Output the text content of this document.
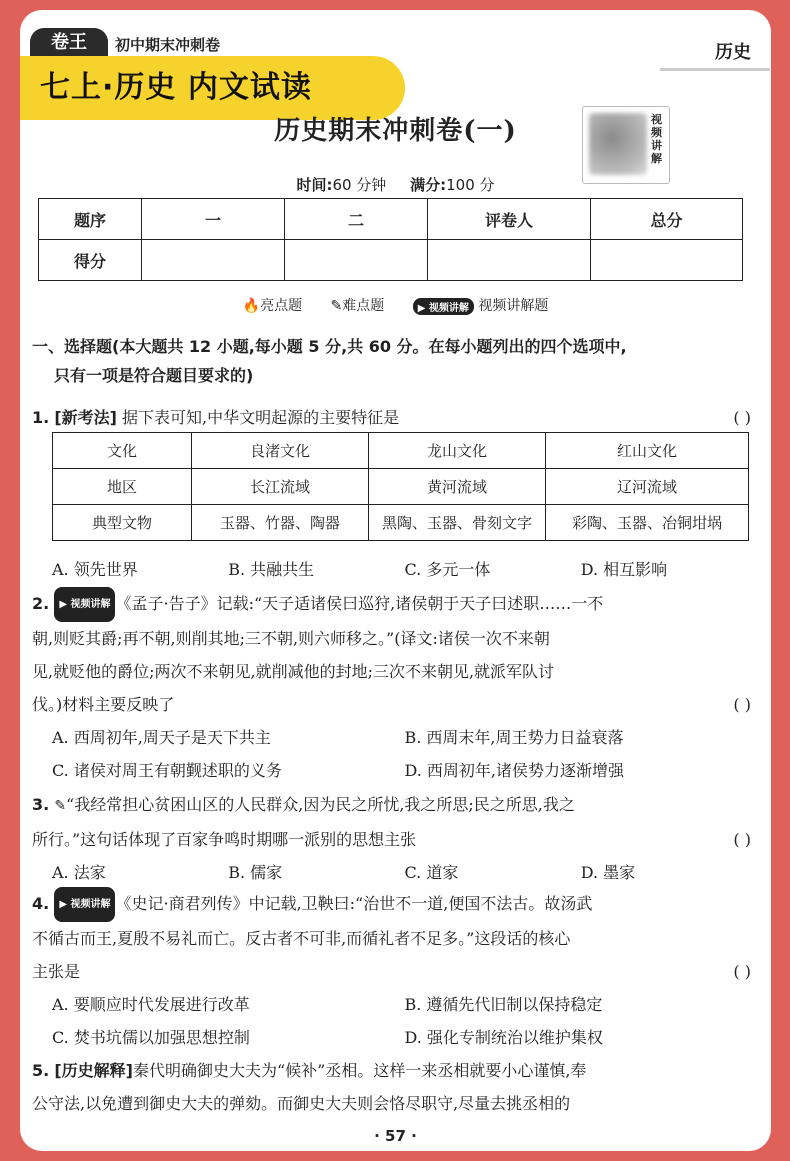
卷王	初中期末冲刺卷	历史
七上·历史 内文试读
历史期末冲刺卷(一)	视频讲解
时间:60 分钟 满分:100 分
题序	一	二	评卷人	总分
得分				
🔥亮点题 ✎难点题	▶ 视频讲解 视频讲解题
一、选择题(本大题共 12 小题,每小题 5 分,共 60 分。在每小题列出的四个选项中,
只有一项是符合题目要求的)
1. [新考法] 据下表可知,中华文明起源的主要特征是	( )
文化	良渚文化	龙山文化	红山文化
地区	长江流域	黄河流域	辽河流域
典型文物	玉器、竹器、陶器	黑陶、玉器、骨刻文字	彩陶、玉器、冶铜坩埚
A. 领先世界	B. 共融共生	C. 多元一体	D. 相互影响
2. ▶ 视频讲解 《孟子·告子》记载:“天子适诸侯曰巡狩,诸侯朝于天子曰述职……一不
朝,则贬其爵;再不朝,则削其地;三不朝,则六师移之。”(译文:诸侯一次不来朝
见,就贬他的爵位;两次不来朝见,就削减他的封地;三次不来朝见,就派军队讨
伐。)材料主要反映了	( )
A. 西周初年,周天子是天下共主	B. 西周末年,周王势力日益衰落
C. 诸侯对周王有朝觐述职的义务	D. 西周初年,诸侯势力逐渐增强
3. ✎“我经常担心贫困山区的人民群众,因为民之所忧,我之所思;民之所思,我之
所行。”这句话体现了百家争鸣时期哪一派别的思想主张	( )
A. 法家	B. 儒家	C. 道家	D. 墨家
4. ▶ 视频讲解 《史记·商君列传》中记载,卫鞅曰:“治世不一道,便国不法古。故汤武
不循古而王,夏殷不易礼而亡。反古者不可非,而循礼者不足多。”这段话的核心
主张是	( )
A. 要顺应时代发展进行改革	B. 遵循先代旧制以保持稳定
C. 焚书坑儒以加强思想控制	D. 强化专制统治以维护集权
5. [历史解释]秦代明确御史大夫为“候补”丞相。这样一来丞相就要小心谨慎,奉
公守法,以免遭到御史大夫的弹劾。而御史大夫则会恪尽职守,尽量去挑丞相的
· 57 ·
